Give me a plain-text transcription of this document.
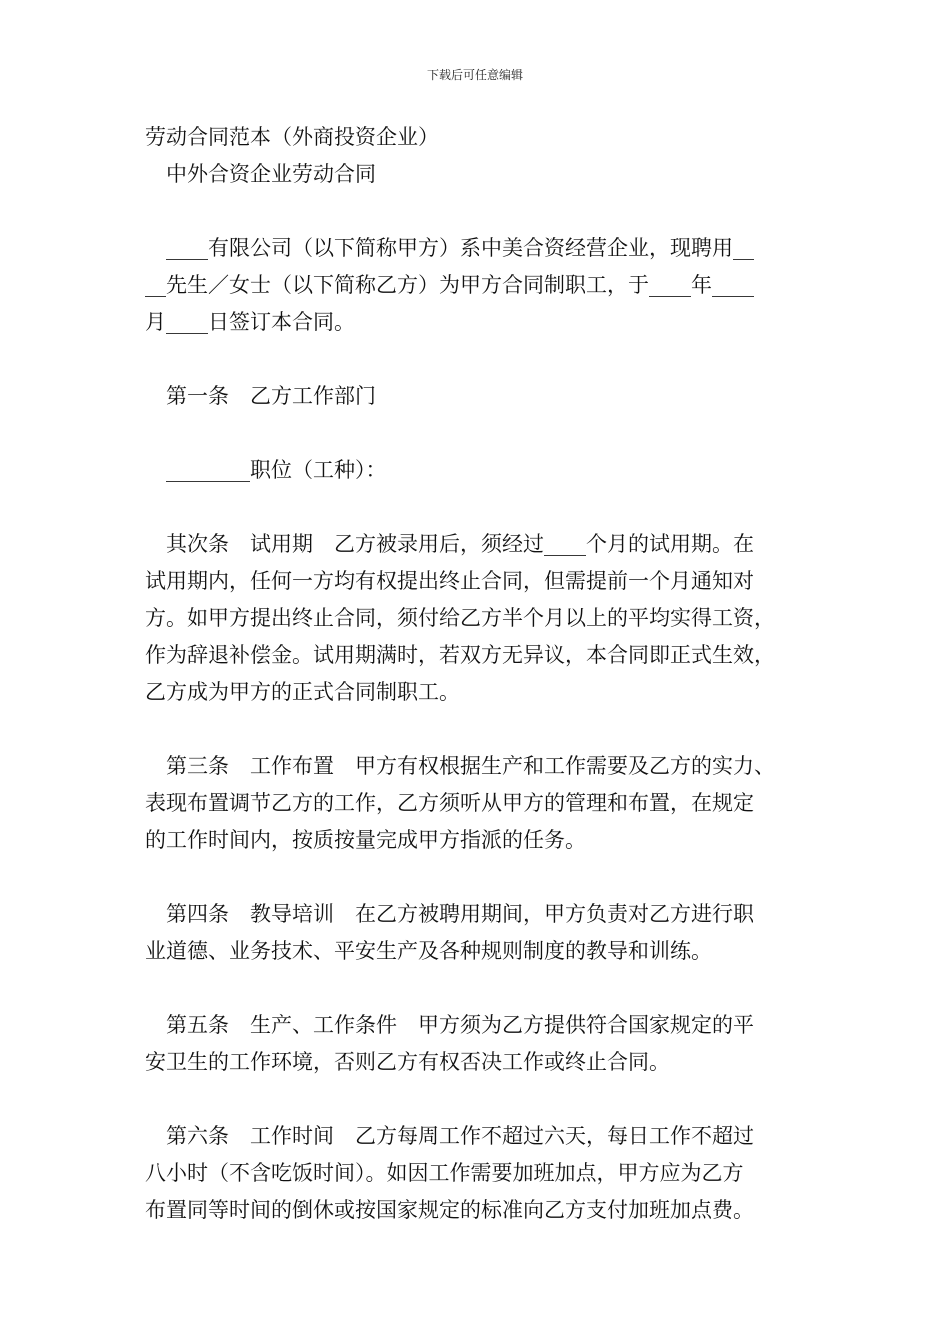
下载后可任意编辑
劳动合同范本（外商投资企业）
中外合资企业劳动合同
____有限公司（以下简称甲方）系中美合资经营企业，现聘用__
__先生／女士（以下简称乙方）为甲方合同制职工，于____年____
月____日签订本合同。
第一条　乙方工作部门
________职位（工种）：
其次条　试用期　乙方被录用后，须经过____个月的试用期。在
试用期内，任何一方均有权提出终止合同，但需提前一个月通知对
方。如甲方提出终止合同，须付给乙方半个月以上的平均实得工资，
作为辞退补偿金。试用期满时，若双方无异议，本合同即正式生效，
乙方成为甲方的正式合同制职工。
第三条　工作布置　甲方有权根据生产和工作需要及乙方的实力、
表现布置调节乙方的工作，乙方须听从甲方的管理和布置，在规定
的工作时间内，按质按量完成甲方指派的任务。
第四条　教导培训　在乙方被聘用期间，甲方负责对乙方进行职
业道德、业务技术、平安生产及各种规则制度的教导和训练。
第五条　生产、工作条件　甲方须为乙方提供符合国家规定的平
安卫生的工作环境，否则乙方有权否决工作或终止合同。
第六条　工作时间　乙方每周工作不超过六天，每日工作不超过
八小时（不含吃饭时间）。如因工作需要加班加点，甲方应为乙方
布置同等时间的倒休或按国家规定的标准向乙方支付加班加点费。
